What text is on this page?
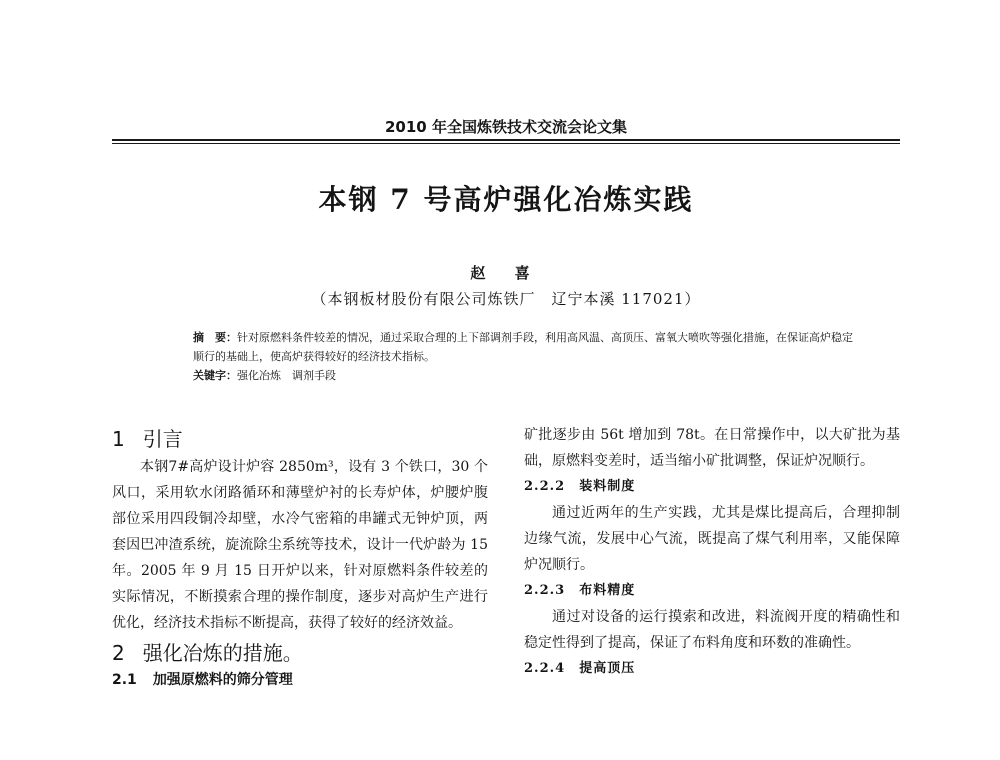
2010 年全国炼铁技术交流会论文集
本钢 7 号高炉强化冶炼实践
赵 喜
（本钢板材股份有限公司炼铁厂　辽宁本溪 117021）
摘　要：针对原燃料条件较差的情况，通过采取合理的上下部调剂手段，利用高风温、高顶压、富氧大喷吹等强化措施，在保证高炉稳定顺行的基础上，使高炉获得较好的经济技术指标。
关键字：强化冶炼　调剂手段
1 引言

本钢7#高炉设计炉容 2850m³，设有 3 个铁口，30 个风口，采用软水闭路循环和薄壁炉衬的长寿炉体，炉腰炉腹部位采用四段铜冷却壁，水冷气密箱的串罐式无钟炉顶，两套因巴冲渣系统，旋流除尘系统等技术，设计一代炉龄为 15 年。2005 年 9 月 15 日开炉以来，针对原燃料条件较差的实际情况，不断摸索合理的操作制度，逐步对高炉生产进行优化，经济技术指标不断提高，获得了较好的经济效益。

2 强化冶炼的措施。
2.1 加强原燃料的筛分管理

矿批逐步由 56t 增加到 78t。在日常操作中，以大矿批为基础，原燃料变差时，适当缩小矿批调整，保证炉况顺行。

2.2.2 装料制度

通过近两年的生产实践，尤其是煤比提高后，合理抑制边缘气流，发展中心气流，既提高了煤气利用率，又能保障炉况顺行。

2.2.3 布料精度

通过对设备的运行摸索和改进，料流阀开度的精确性和稳定性得到了提高，保证了布料角度和环数的准确性。

2.2.4 提高顶压
